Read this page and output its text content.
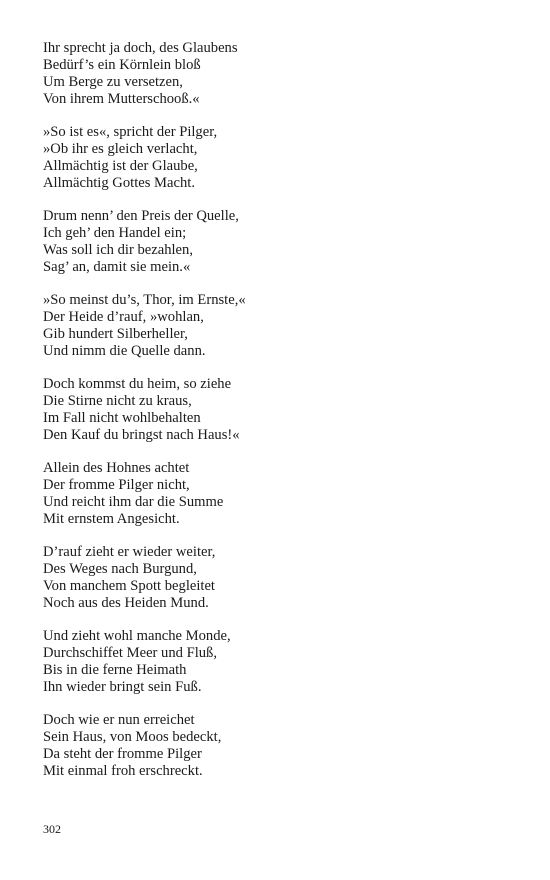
Ihr sprecht ja doch, des Glaubens
Bedürf’s ein Körnlein bloß
Um Berge zu versetzen,
Von ihrem Mutterschooß.«
»So ist es«, spricht der Pilger,
»Ob ihr es gleich verlacht,
Allmächtig ist der Glaube,
Allmächtig Gottes Macht.
Drum nenn’ den Preis der Quelle,
Ich geh’ den Handel ein;
Was soll ich dir bezahlen,
Sag’ an, damit sie mein.«
»So meinst du’s, Thor, im Ernste,«
Der Heide d’rauf, »wohlan,
Gib hundert Silberheller,
Und nimm die Quelle dann.
Doch kommst du heim, so ziehe
Die Stirne nicht zu kraus,
Im Fall nicht wohlbehalten
Den Kauf du bringst nach Haus!«
Allein des Hohnes achtet
Der fromme Pilger nicht,
Und reicht ihm dar die Summe
Mit ernstem Angesicht.
D’rauf zieht er wieder weiter,
Des Weges nach Burgund,
Von manchem Spott begleitet
Noch aus des Heiden Mund.
Und zieht wohl manche Monde,
Durchschiffet Meer und Fluß,
Bis in die ferne Heimath
Ihn wieder bringt sein Fuß.
Doch wie er nun erreichet
Sein Haus, von Moos bedeckt,
Da steht der fromme Pilger
Mit einmal froh erschreckt.
302
